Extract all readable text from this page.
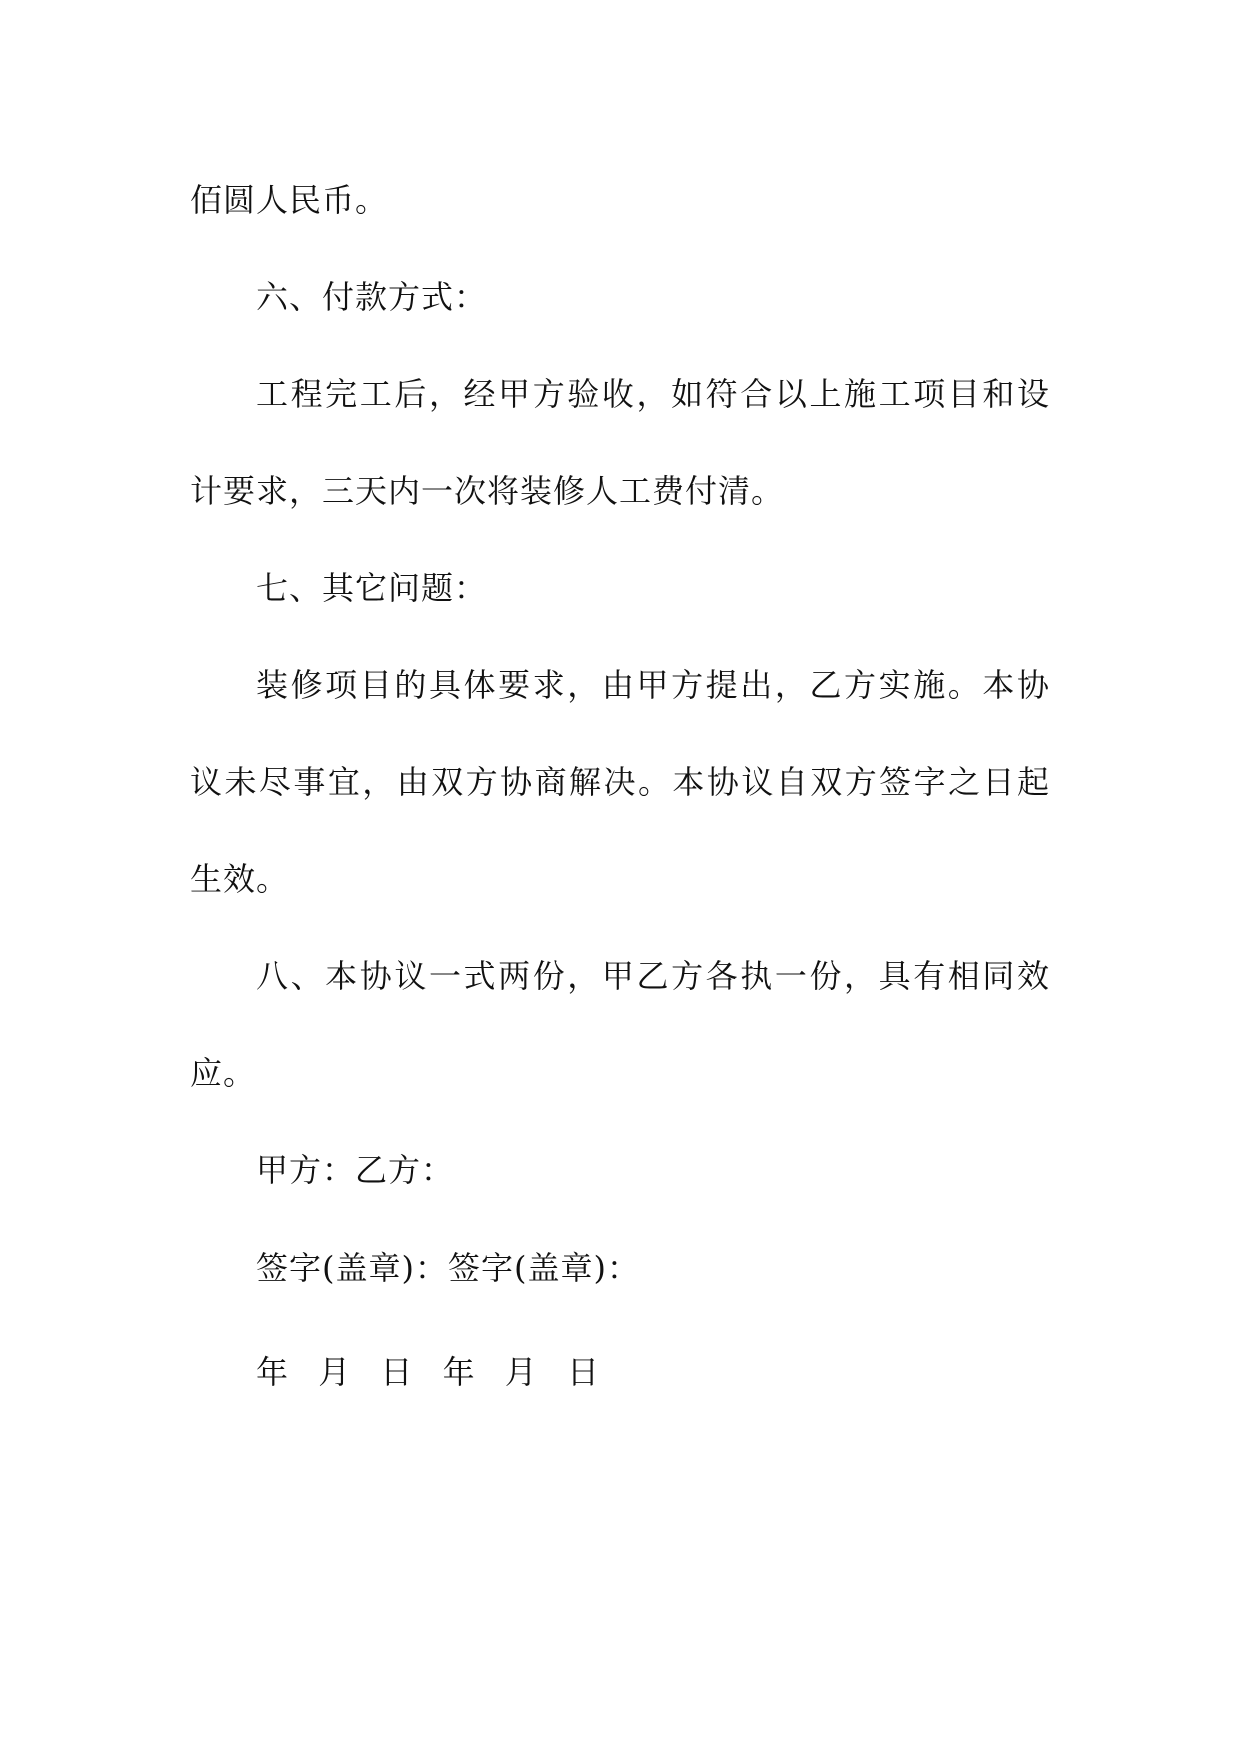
佰圆人民币。
六、付款方式：
工程完工后，经甲方验收，如符合以上施工项目和设
计要求，三天内一次将装修人工费付清。
七、其它问题：
装修项目的具体要求，由甲方提出，乙方实施。本协
议未尽事宜，由双方协商解决。本协议自双方签字之日起
生效。
八、本协议一式两份，甲乙方各执一份，具有相同效
应。
甲方：乙方：
签字(盖章)：签字(盖章)：
年 月 日 年 月 日
